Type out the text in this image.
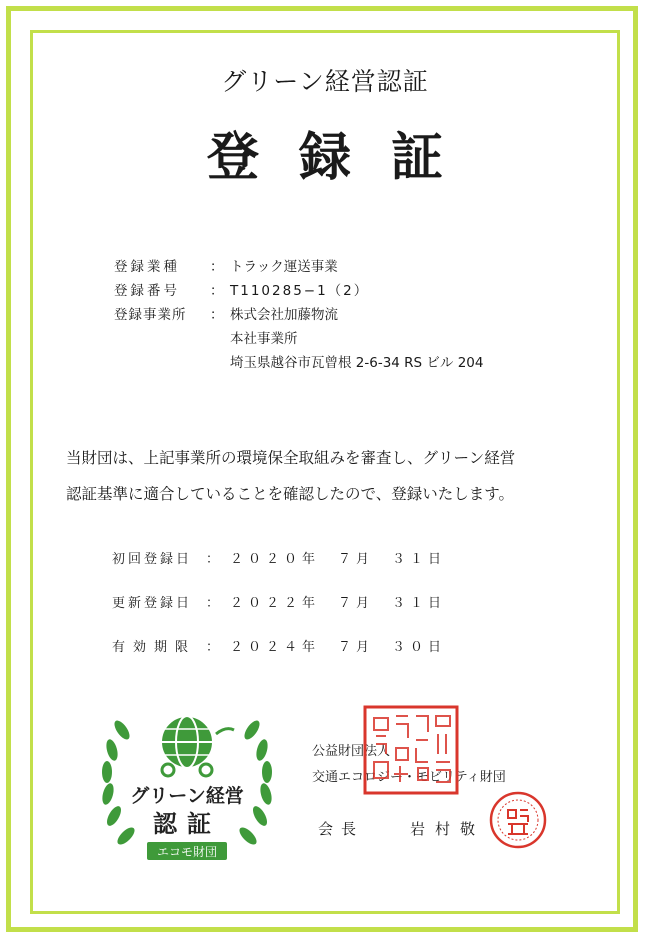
グリーン経営認証
登録証
登録業種	： トラック運送事業
登録番号	： T110285−1（2）
登録事業所	： 株式会社加藤物流
本社事業所
埼玉県越谷市瓦曾根 2-6-34 RS ビル 204
当財団は、上記事業所の環境保全取組みを審査し、グリーン経営
認証基準に適合していることを確認したので、登録いたします。
初回登録日 ： ２０２０年　７月　３１日
更新登録日 ： ２０２２年　７月　３１日
有効期限 ： ２０２４年　７月　３０日
グリーン経営
認証
エコモ財団
公益財団法人
交通エコロジー・モビリティ財団
会長	岩村敬
